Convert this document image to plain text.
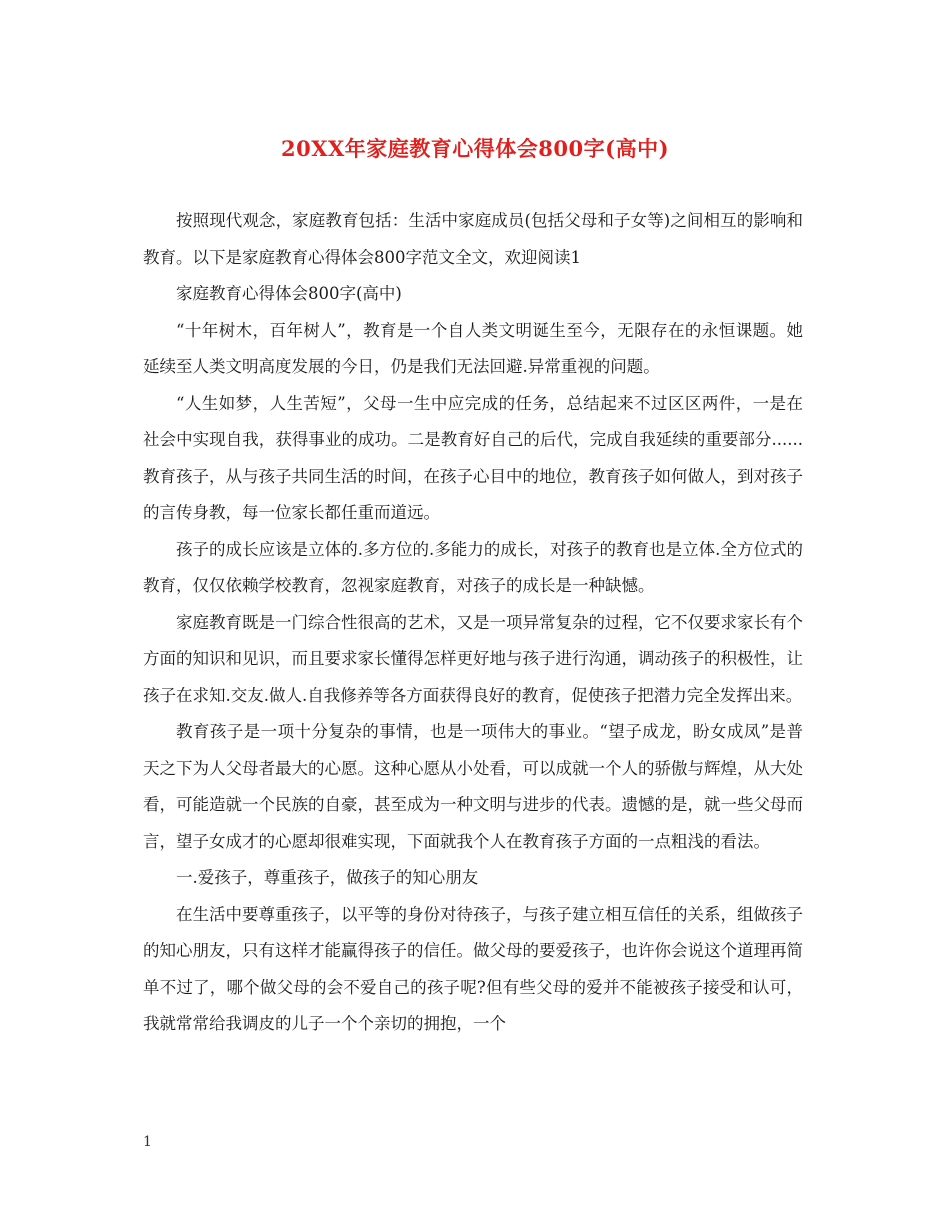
20XX年家庭教育心得体会800字(高中)

按照现代观念，家庭教育包括：生活中家庭成员(包括父母和子女等)之间相互的影响和教育。以下是家庭教育心得体会800字范文全文，欢迎阅读1

家庭教育心得体会800字(高中)

“十年树木，百年树人”，教育是一个自人类文明诞生至今，无限存在的永恒课题。她延续至人类文明高度发展的今日，仍是我们无法回避.异常重视的问题。

“人生如梦，人生苦短”，父母一生中应完成的任务，总结起来不过区区两件，一是在社会中实现自我，获得事业的成功。二是教育好自己的后代，完成自我延续的重要部分......教育孩子，从与孩子共同生活的时间，在孩子心目中的地位，教育孩子如何做人，到对孩子的言传身教，每一位家长都任重而道远。

孩子的成长应该是立体的.多方位的.多能力的成长，对孩子的教育也是立体.全方位式的教育，仅仅依赖学校教育，忽视家庭教育，对孩子的成长是一种缺憾。

家庭教育既是一门综合性很高的艺术，又是一项异常复杂的过程，它不仅要求家长有个方面的知识和见识，而且要求家长懂得怎样更好地与孩子进行沟通，调动孩子的积极性，让孩子在求知.交友.做人.自我修养等各方面获得良好的教育，促使孩子把潜力完全发挥出来。

教育孩子是一项十分复杂的事情，也是一项伟大的事业。“望子成龙，盼女成凤”是普天之下为人父母者最大的心愿。这种心愿从小处看，可以成就一个人的骄傲与辉煌，从大处看，可能造就一个民族的自豪，甚至成为一种文明与进步的代表。遗憾的是，就一些父母而言，望子女成才的心愿却很难实现，下面就我个人在教育孩子方面的一点粗浅的看法。

一.爱孩子，尊重孩子，做孩子的知心朋友

在生活中要尊重孩子，以平等的身份对待孩子，与孩子建立相互信任的关系，组做孩子的知心朋友，只有这样才能赢得孩子的信任。做父母的要爱孩子，也许你会说这个道理再简单不过了，哪个做父母的会不爱自己的孩子呢?但有些父母的爱并不能被孩子接受和认可，我就常常给我调皮的儿子一个个亲切的拥抱，一个

1
